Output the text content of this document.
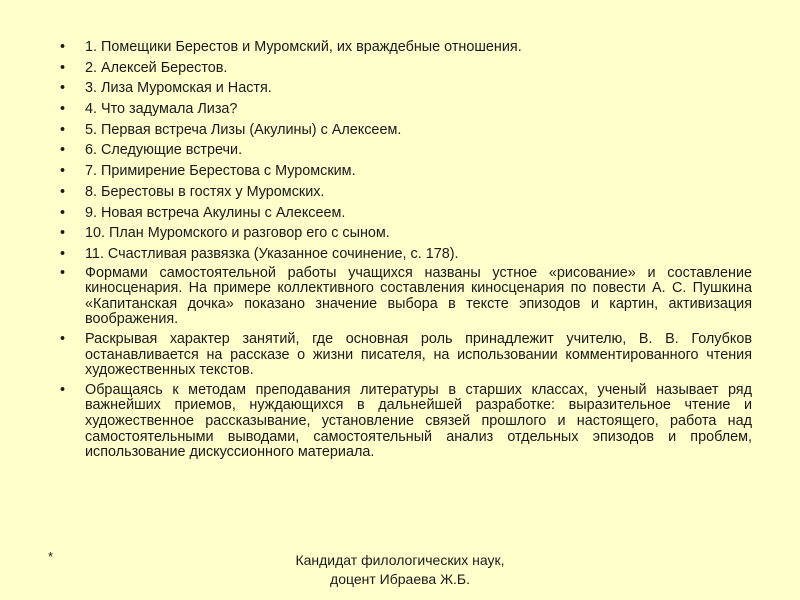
• 1. Помещики Берестов и Муромский, их враждебные отношения.
• 2. Алексей Берестов.
• 3. Лиза Муромская и Настя.
• 4. Что задумала Лиза?
• 5. Первая встреча Лизы (Акулины) с Алексеем.
• 6. Следующие встречи.
• 7. Примирение Берестова с Муромским.
• 8. Берестовы в гостях у Муромских.
• 9. Новая встреча Акулины с Алексеем.
• 10. План Муромского и разговор его с сыном.
• 11. Счастливая развязка (Указанное сочинение, с. 178).
• Формами самостоятельной работы учащихся названы устное «рисование» и составление киносценария. На примере коллективного составления киносценария по повести А. С. Пушкина «Капитанская дочка» показано значение выбора в тексте эпизодов и картин, активизация воображения.
• Раскрывая характер занятий, где основная роль принадлежит учителю, В. В. Голубков останавливается на рассказе о жизни писателя, на использовании комментированного чтения художественных текстов.
• Обращаясь к методам преподавания литературы в старших классах, ученый называет ряд важнейших приемов, нуждающихся в дальнейшей разработке: выразительное чтение и художественное рассказывание, установление связей прошлого и настоящего, работа над самостоятельными выводами, самостоятельный анализ отдельных эпизодов и проблем, использование дискуссионного материала.
*	Кандидат филологических наук,
доцент Ибраева Ж.Б.
